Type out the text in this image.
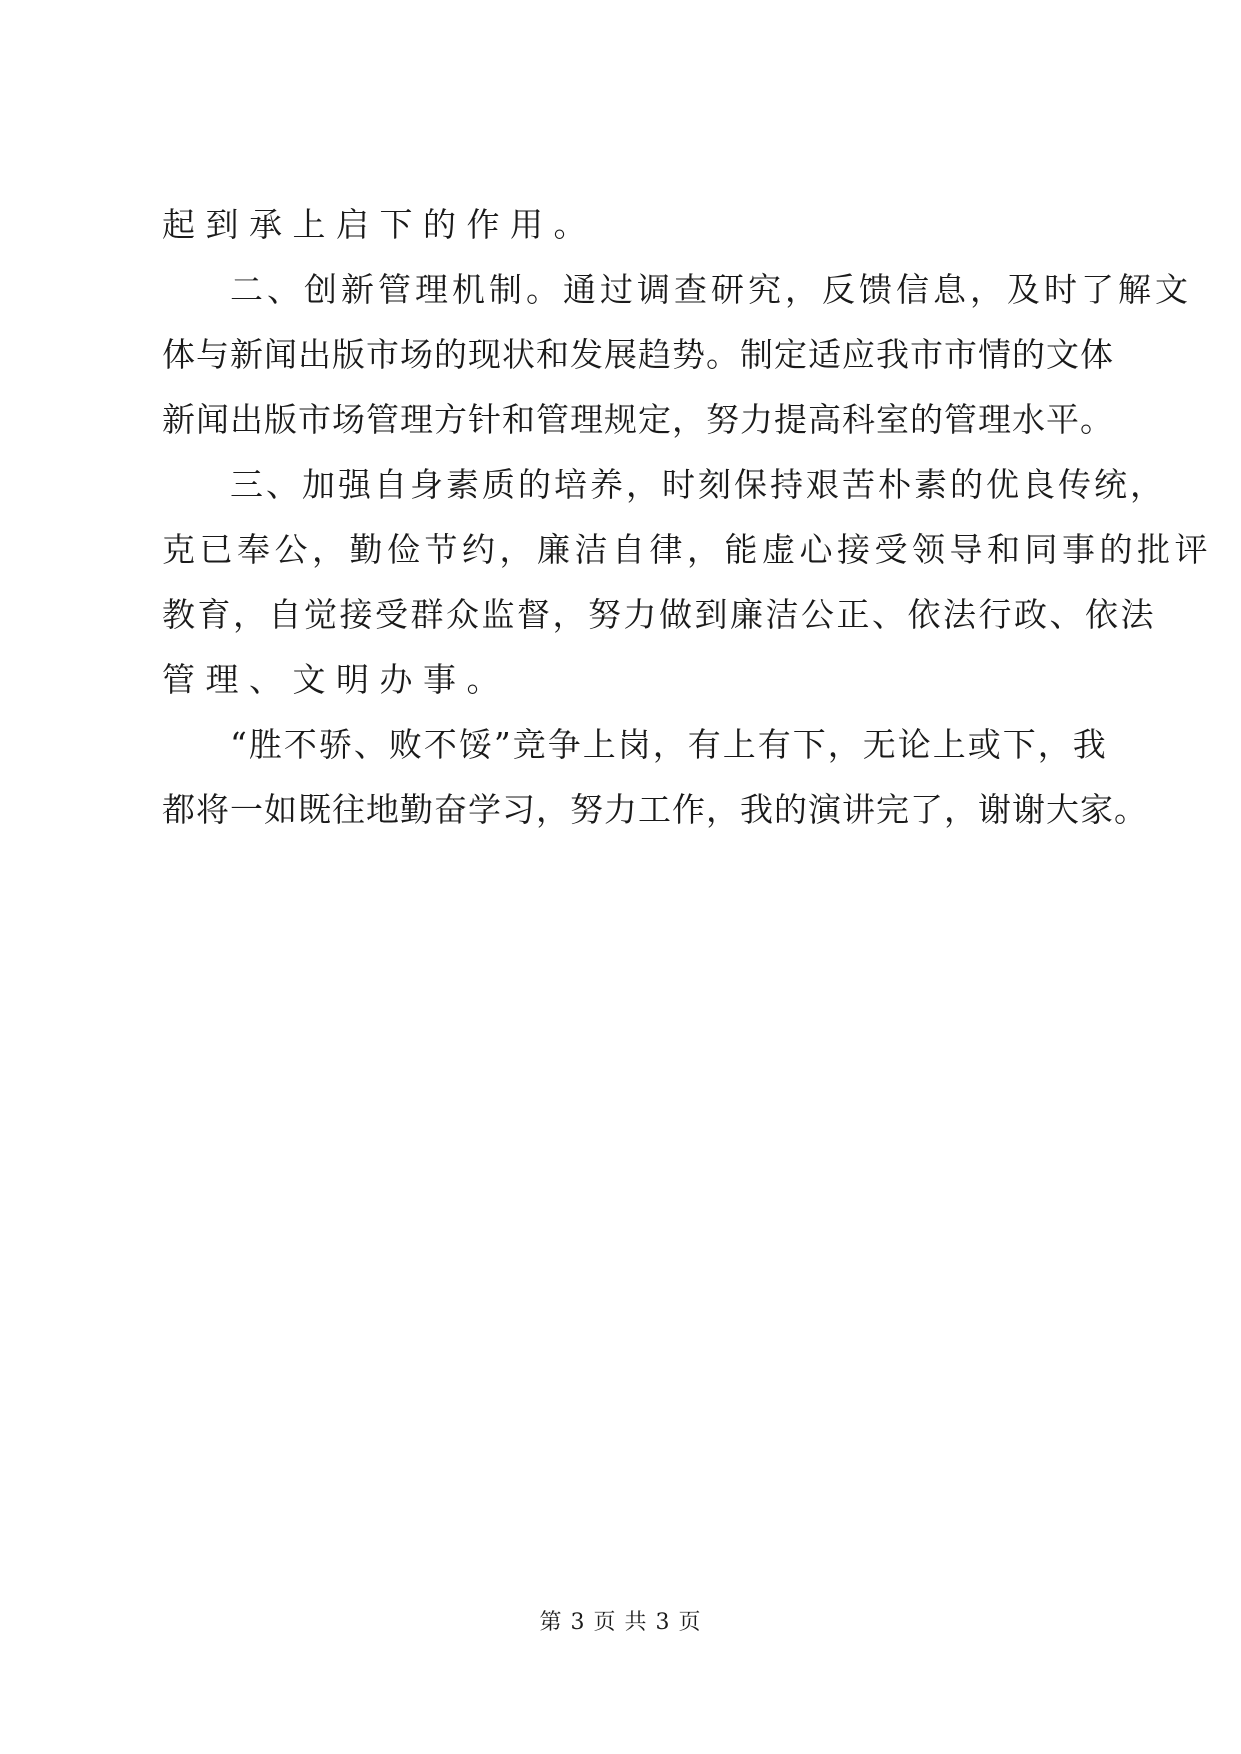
起到承上启下的作用。
二、创新管理机制。通过调查研究，反馈信息，及时了解文
体与新闻出版市场的现状和发展趋势。制定适应我市市情的文体
新闻出版市场管理方针和管理规定，努力提高科室的管理水平。
三、加强自身素质的培养，时刻保持艰苦朴素的优良传统，
克已奉公，勤俭节约，廉洁自律，能虚心接受领导和同事的批评
教育，自觉接受群众监督，努力做到廉洁公正、依法行政、依法
管理、文明办事。
“胜不骄、败不馁”竞争上岗，有上有下，无论上或下，我
都将一如既往地勤奋学习，努力工作，我的演讲完了，谢谢大家。
第 3 页 共 3 页
